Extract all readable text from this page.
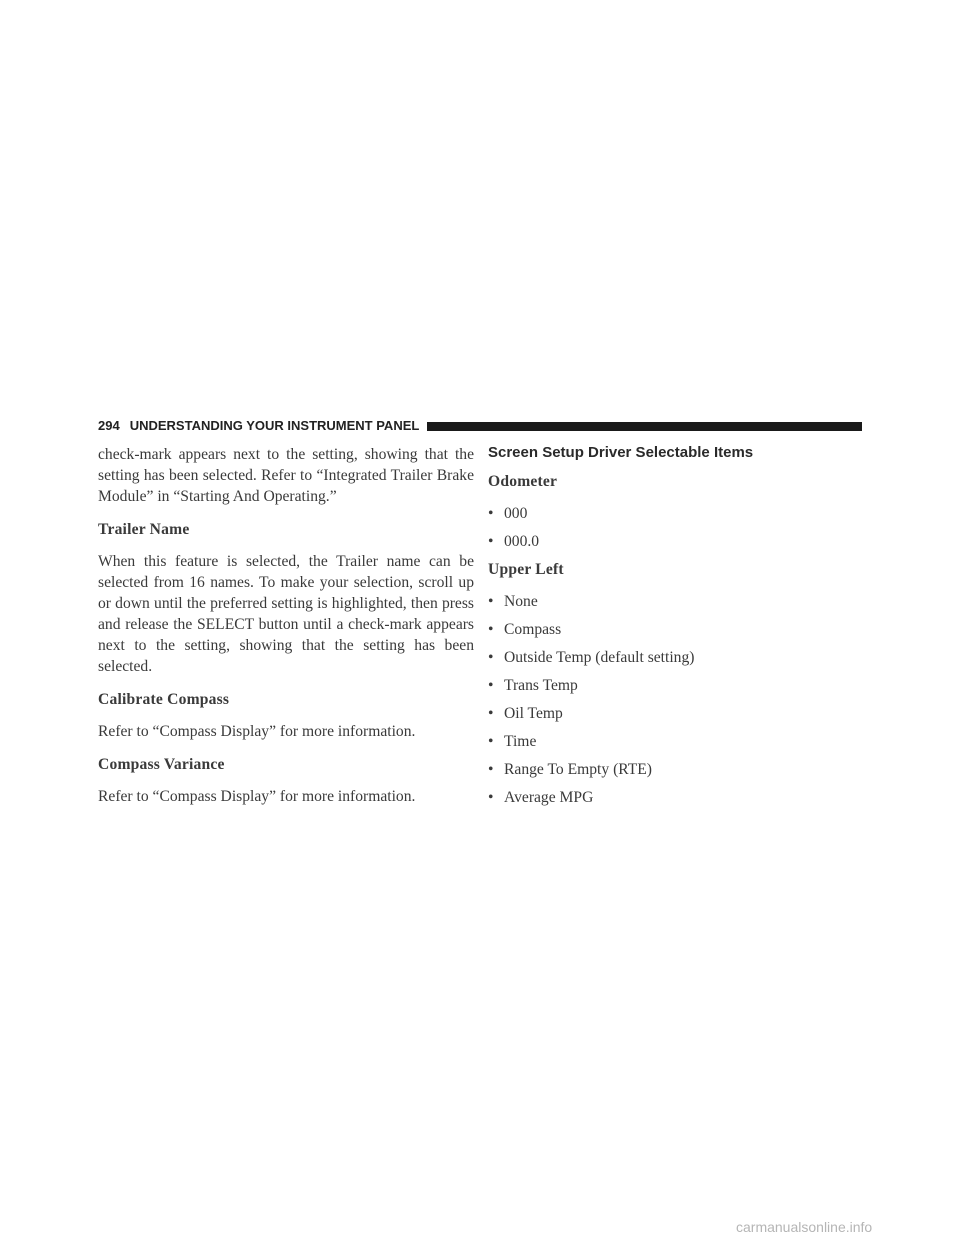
294 UNDERSTANDING YOUR INSTRUMENT PANEL

check-mark appears next to the setting, showing that the setting has been selected. Refer to “Integrated Trailer Brake Module” in “Starting And Operating.”

Trailer Name

When this feature is selected, the Trailer name can be selected from 16 names. To make your selection, scroll up or down until the preferred setting is highlighted, then press and release the SELECT button until a check-mark appears next to the setting, showing that the setting has been selected.

Calibrate Compass

Refer to “Compass Display” for more information.

Compass Variance

Refer to “Compass Display” for more information.

Screen Setup Driver Selectable Items
Odometer
• 000
• 000.0
Upper Left
• None
• Compass
• Outside Temp (default setting)
• Trans Temp
• Oil Temp
• Time
• Range To Empty (RTE)
• Average MPG
carmanualsonline.info
